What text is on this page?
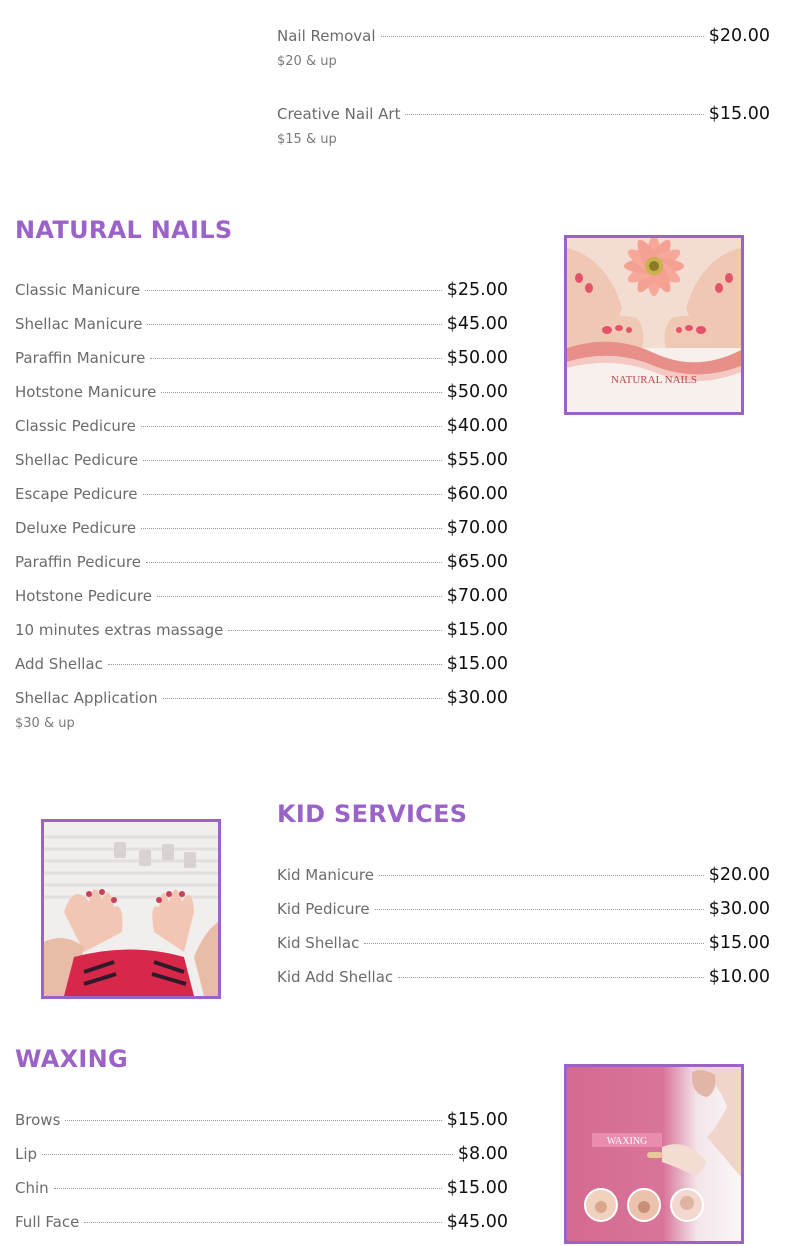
Nail Removal	$20.00
$20 & up
Creative Nail Art	$15.00
$15 & up
NATURAL NAILS
Classic Manicure	$25.00
Shellac Manicure	$45.00
Paraffin Manicure	$50.00
Hotstone Manicure	$50.00
Classic Pedicure	$40.00
Shellac Pedicure	$55.00
Escape Pedicure	$60.00
Deluxe Pedicure	$70.00
Paraffin Pedicure	$65.00
Hotstone Pedicure	$70.00
10 minutes extras massage	$15.00
Add Shellac	$15.00
Shellac Application	$30.00
$30 & up
NATURAL NAILS
KID SERVICES
Kid Manicure	$20.00
Kid Pedicure	$30.00
Kid Shellac	$15.00
Kid Add Shellac	$10.00
WAXING
Brows	$15.00
Lip	$8.00
Chin	$15.00
Full Face	$45.00
WAXING
